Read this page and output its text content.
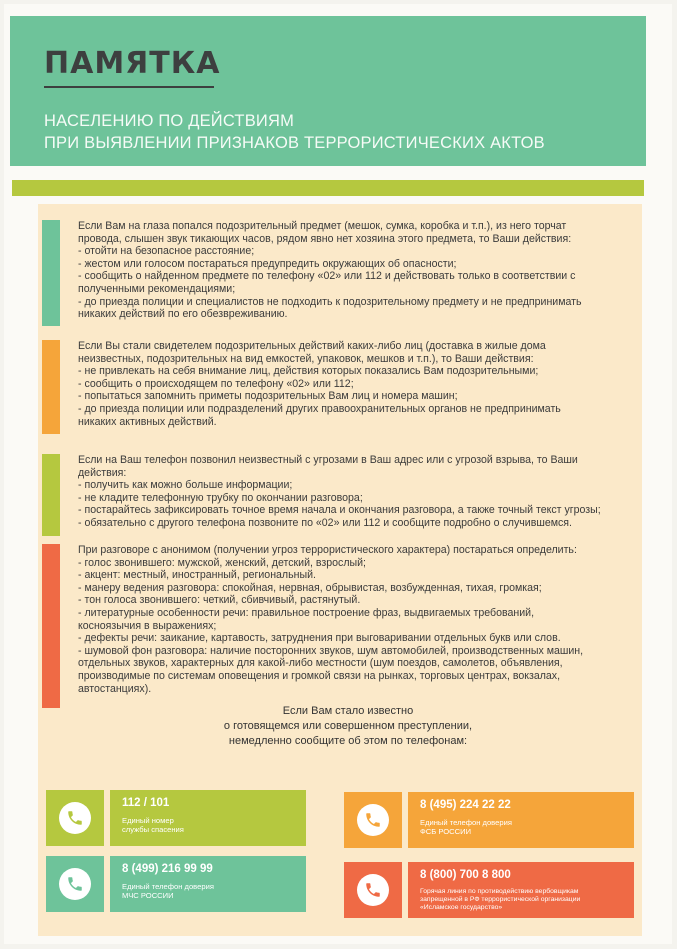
ПАМЯТКА
НАСЕЛЕНИЮ ПО ДЕЙСТВИЯМ
ПРИ ВЫЯВЛЕНИИ ПРИЗНАКОВ ТЕРРОРИСТИЧЕСКИХ АКТОВ
Если Вам на глаза попался подозрительный предмет (мешок, сумка, коробка и т.п.), из него торчат
провода, слышен звук тикающих часов, рядом явно нет хозяина этого предмета, то Ваши действия:
- отойти на безопасное расстояние;
- жестом или голосом постараться предупредить окружающих об опасности;
- сообщить о найденном предмете по телефону «02» или 112 и действовать только в соответствии с
полученными рекомендациями;
- до приезда полиции и специалистов не подходить к подозрительному предмету и не предпринимать
никаких действий по его обезвреживанию.
Если Вы стали свидетелем подозрительных действий каких-либо лиц (доставка в жилые дома
неизвестных, подозрительных на вид емкостей, упаковок, мешков и т.п.), то Ваши действия:
- не привлекать на себя внимание лиц, действия которых показались Вам подозрительными;
- сообщить о происходящем по телефону «02» или 112;
- попытаться запомнить приметы подозрительных Вам лиц и номера машин;
- до приезда полиции или подразделений других правоохранительных органов не предпринимать
никаких активных действий.
Если на Ваш телефон позвонил неизвестный с угрозами в Ваш адрес или с угрозой взрыва, то Ваши
действия:
- получить как можно больше информации;
- не кладите телефонную трубку по окончании разговора;
- постарайтесь зафиксировать точное время начала и окончания разговора, а также точный текст угрозы;
- обязательно с другого телефона позвоните по «02» или 112 и сообщите подробно о случившемся.
При разговоре с анонимом (получении угроз террористического характера) постараться определить:
- голос звонившего: мужской, женский, детский, взрослый;
- акцент: местный, иностранный, региональный.
- манеру ведения разговора: спокойная, нервная, обрывистая, возбужденная, тихая, громкая;
- тон голоса звонившего: четкий, сбивчивый, растянутый.
- литературные особенности речи: правильное построение фраз, выдвигаемых требований,
косноязычия в выражениях;
- дефекты речи: заикание, картавость, затруднения при выговаривании отдельных букв или слов.
- шумовой фон разговора: наличие посторонних звуков, шум автомобилей, производственных машин,
отдельных звуков, характерных для какой-либо местности (шум поездов, самолетов, объявления,
производимые по системам оповещения и громкой связи на рынках, торговых центрах, вокзалах,
автостанциях).
Если Вам стало известно
о готовящемся или совершенном преступлении,
немедленно сообщите об этом по телефонам:
112 / 101
Единый номер
службы спасения
8 (495) 224 22 22
Единый телефон доверия
ФСБ РОССИИ
8 (499) 216 99 99
Единый телефон доверия
МЧС РОССИИ
8 (800) 700 8 800
Горячая линия по противодействию вербовщикам
запрещенной в РФ террористической организации
«Исламское государство»
